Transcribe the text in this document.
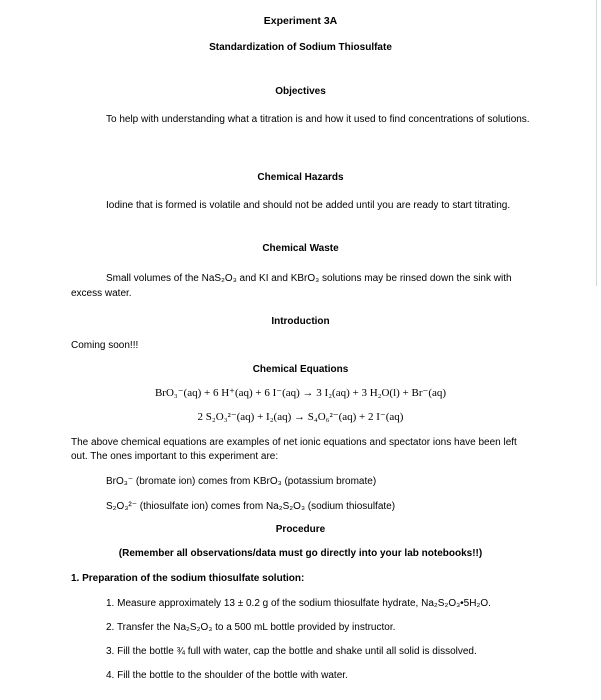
Experiment 3A
Standardization of Sodium Thiosulfate
Objectives
To help with understanding what a titration is and how it used to find concentrations of solutions.
Chemical Hazards
Iodine that is formed is volatile and should not be added until you are ready to start titrating.
Chemical Waste
Small volumes of the NaS₂O₃ and KI and KBrO₃ solutions may be rinsed down the sink with
excess water.
Introduction
Coming soon!!!
Chemical Equations
BrO₃⁻(aq) + 6 H⁺(aq) + 6 I⁻(aq) → 3 I₂(aq) + 3 H₂O(l) + Br⁻(aq)
2 S₂O₃²⁻(aq) + I₂(aq) → S₄O₆²⁻(aq) + 2 I⁻(aq)
The above chemical equations are examples of net ionic equations and spectator ions have been left
out. The ones important to this experiment are:
BrO₃⁻ (bromate ion) comes from KBrO₃ (potassium bromate)
S₂O₃²⁻ (thiosulfate ion) comes from Na₂S₂O₃ (sodium thiosulfate)
Procedure
(Remember all observations/data must go directly into your lab notebooks!!)
1. Preparation of the sodium thiosulfate solution:
1. Measure approximately 13 ± 0.2 g of the sodium thiosulfate hydrate, Na₂S₂O₃•5H₂O.
2. Transfer the Na₂S₂O₃ to a 500 mL bottle provided by instructor.
3. Fill the bottle ¾ full with water, cap the bottle and shake until all solid is dissolved.
4. Fill the bottle to the shoulder of the bottle with water.
